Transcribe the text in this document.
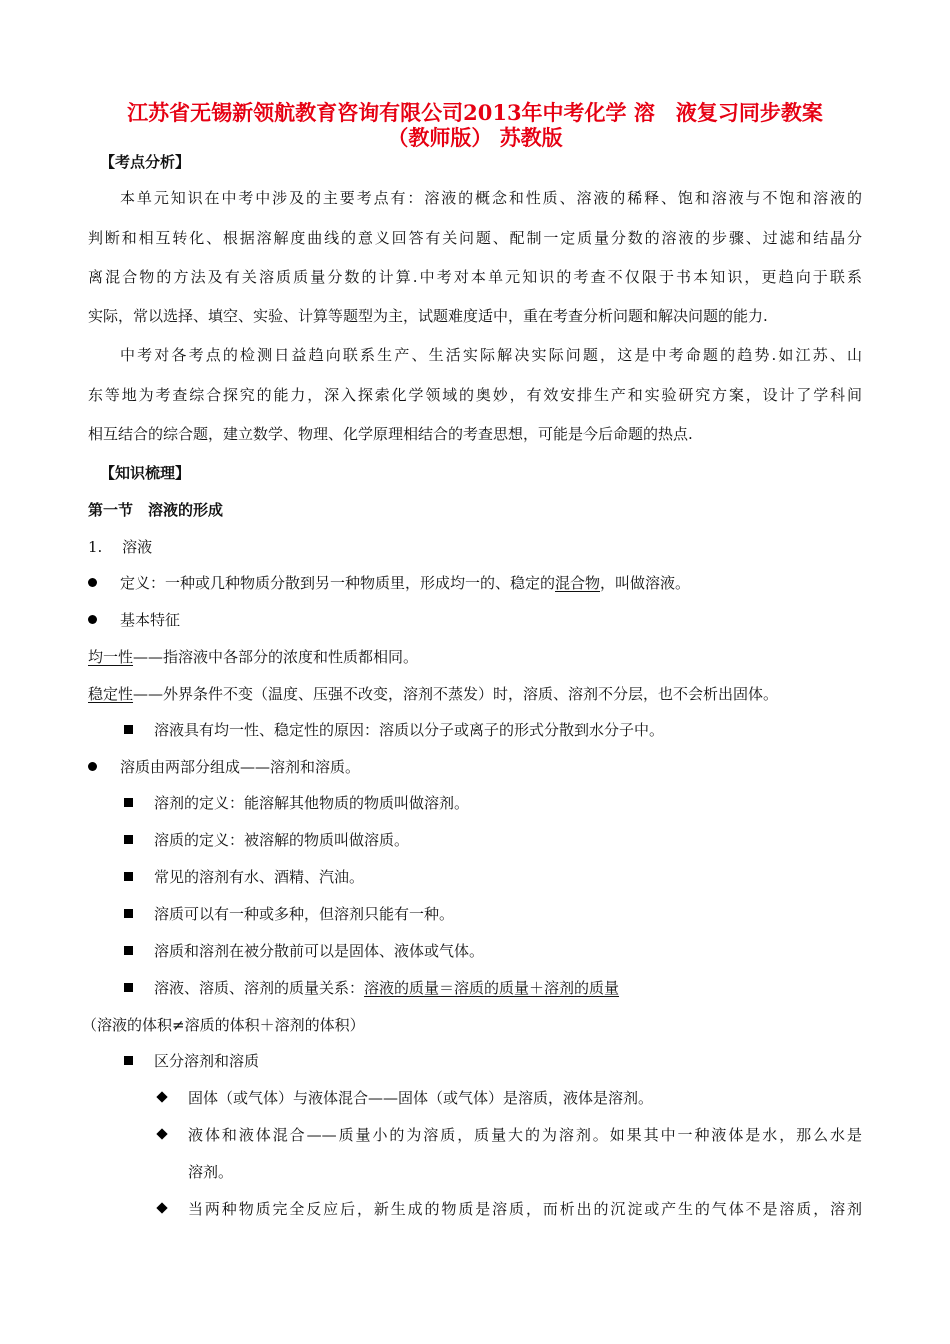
江苏省无锡新领航教育咨询有限公司2013年中考化学 溶　液复习同步教案
（教师版） 苏教版
【考点分析】
本单元知识在中考中涉及的主要考点有：溶液的概念和性质、溶液的稀释、饱和溶液与不饱和溶液的
判断和相互转化、根据溶解度曲线的意义回答有关问题、配制一定质量分数的溶液的步骤、过滤和结晶分
离混合物的方法及有关溶质质量分数的计算.中考对本单元知识的考查不仅限于书本知识，更趋向于联系
实际，常以选择、填空、实验、计算等题型为主，试题难度适中，重在考查分析问题和解决问题的能力.
中考对各考点的检测日益趋向联系生产、生活实际解决实际问题，这是中考命题的趋势.如江苏、山
东等地为考查综合探究的能力，深入探索化学领域的奥妙，有效安排生产和实验研究方案，设计了学科间
相互结合的综合题，建立数学、物理、化学原理相结合的考查思想，可能是今后命题的热点.
【知识梳理】
第一节　溶液的形成
1.　 溶液
定义：一种或几种物质分散到另一种物质里，形成均一的、稳定的混合物，叫做溶液。
基本特征
均一性——指溶液中各部分的浓度和性质都相同。
稳定性——外界条件不变（温度、压强不改变，溶剂不蒸发）时，溶质、溶剂不分层，也不会析出固体。
溶液具有均一性、稳定性的原因：溶质以分子或离子的形式分散到水分子中。
溶质由两部分组成——溶剂和溶质。
溶剂的定义：能溶解其他物质的物质叫做溶剂。
溶质的定义：被溶解的物质叫做溶质。
常见的溶剂有水、酒精、汽油。
溶质可以有一种或多种，但溶剂只能有一种。
溶质和溶剂在被分散前可以是固体、液体或气体。
溶液、溶质、溶剂的质量关系：溶液的质量＝溶质的质量＋溶剂的质量
（溶液的体积≠溶质的体积＋溶剂的体积）
区分溶剂和溶质
固体（或气体）与液体混合——固体（或气体）是溶质，液体是溶剂。
液体和液体混合——质量小的为溶质，质量大的为溶剂。如果其中一种液体是水，那么水是
溶剂。
当两种物质完全反应后，新生成的物质是溶质，而析出的沉淀或产生的气体不是溶质，溶剂
